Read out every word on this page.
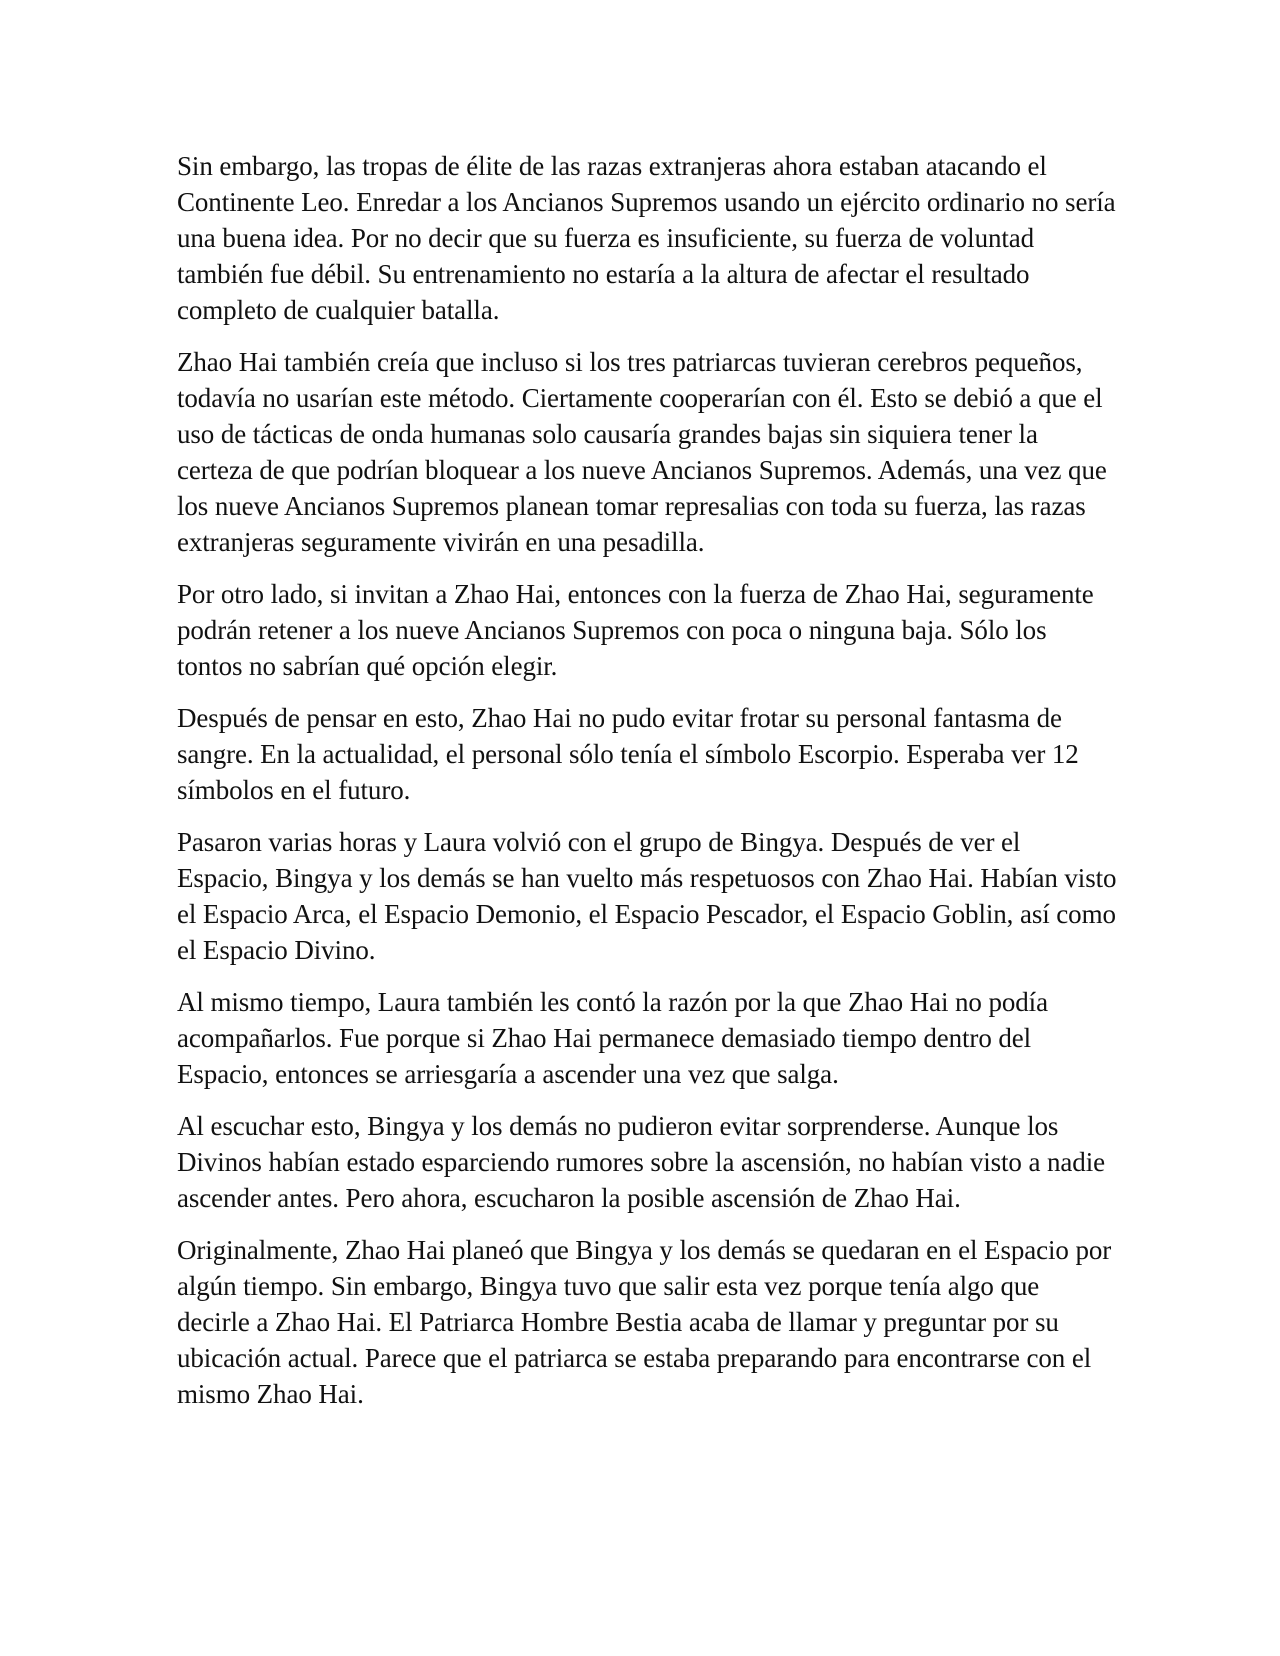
Sin embargo, las tropas de élite de las razas extranjeras ahora estaban atacando el Continente Leo. Enredar a los Ancianos Supremos usando un ejército ordinario no sería una buena idea. Por no decir que su fuerza es insuficiente, su fuerza de voluntad también fue débil. Su entrenamiento no estaría a la altura de afectar el resultado completo de cualquier batalla.

Zhao Hai también creía que incluso si los tres patriarcas tuvieran cerebros pequeños, todavía no usarían este método. Ciertamente cooperarían con él. Esto se debió a que el uso de tácticas de onda humanas solo causaría grandes bajas sin siquiera tener la certeza de que podrían bloquear a los nueve Ancianos Supremos. Además, una vez que los nueve Ancianos Supremos planean tomar represalias con toda su fuerza, las razas extranjeras seguramente vivirán en una pesadilla.

Por otro lado, si invitan a Zhao Hai, entonces con la fuerza de Zhao Hai, seguramente podrán retener a los nueve Ancianos Supremos con poca o ninguna baja. Sólo los tontos no sabrían qué opción elegir.

Después de pensar en esto, Zhao Hai no pudo evitar frotar su personal fantasma de sangre. En la actualidad, el personal sólo tenía el símbolo Escorpio. Esperaba ver 12 símbolos en el futuro.

Pasaron varias horas y Laura volvió con el grupo de Bingya. Después de ver el Espacio, Bingya y los demás se han vuelto más respetuosos con Zhao Hai. Habían visto el Espacio Arca, el Espacio Demonio, el Espacio Pescador, el Espacio Goblin, así como el Espacio Divino.

Al mismo tiempo, Laura también les contó la razón por la que Zhao Hai no podía acompañarlos. Fue porque si Zhao Hai permanece demasiado tiempo dentro del Espacio, entonces se arriesgaría a ascender una vez que salga.

Al escuchar esto, Bingya y los demás no pudieron evitar sorprenderse. Aunque los Divinos habían estado esparciendo rumores sobre la ascensión, no habían visto a nadie ascender antes. Pero ahora, escucharon la posible ascensión de Zhao Hai.

Originalmente, Zhao Hai planeó que Bingya y los demás se quedaran en el Espacio por algún tiempo. Sin embargo, Bingya tuvo que salir esta vez porque tenía algo que decirle a Zhao Hai. El Patriarca Hombre Bestia acaba de llamar y preguntar por su ubicación actual. Parece que el patriarca se estaba preparando para encontrarse con el mismo Zhao Hai.
